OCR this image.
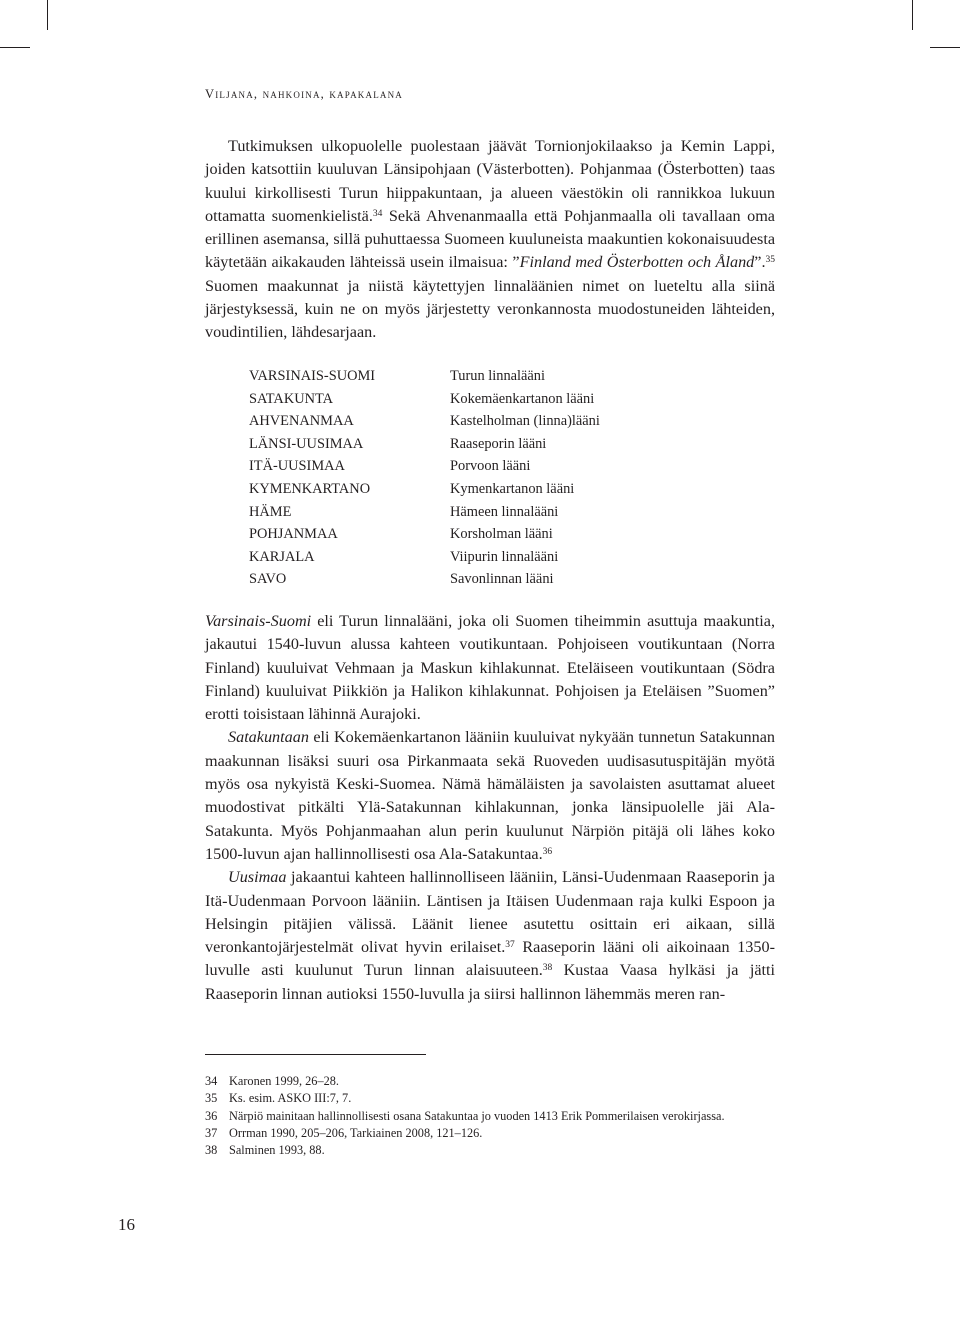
Viljana, nahkoina, kapakalana

Tutkimuksen ulkopuolelle puolestaan jäävät Tornionjokilaakso ja Kemin Lappi, joiden katsottiin kuuluvan Länsipohjaan (Västerbotten). Pohjanmaa (Österbotten) taas kuului kirkollisesti Turun hiippakuntaan, ja alueen väestökin oli rannikkoa lukuun ottamatta suomenkielistä.$^{34}$ Sekä Ahvenanmaalla että Pohjanmaalla oli tavallaan oma erillinen asemansa, sillä puhuttaessa Suomeen kuuluneista maakuntien kokonaisuudesta käytetään aikakauden lähteissä usein ilmaisua: ”Finland med Österbotten och Åland”.$^{35}$ Suomen maakunnat ja niistä käytettyjen linnaläänien nimet on lueteltu alla siinä järjestyksessä, kuin ne on myös järjestetty veronkannosta muodostuneiden lähteiden, voudintilien, lähdesarjaan.

VARSINAIS-SUOMI	Turun linnalääni
SATAKUNTA	Kokemäenkartanon lääni
AHVENANMAA	Kastelholman (linna)lääni
LÄNSI-UUSIMAA	Raaseporin lääni
ITÄ-UUSIMAA	Porvoon lääni
KYMENKARTANO	Kymenkartanon lääni
HÄME	Hämeen linnalääni
POHJANMAA	Korsholman lääni
KARJALA	Viipurin linnalääni
SAVO	Savonlinnan lääni

Varsinais-Suomi eli Turun linnalääni, joka oli Suomen tiheimmin asuttuja maakuntia, jakautui 1540-luvun alussa kahteen voutikuntaan. Pohjoiseen voutikuntaan (Norra Finland) kuuluivat Vehmaan ja Maskun kihlakunnat. Eteläiseen voutikuntaan (Södra Finland) kuuluivat Piikkiön ja Halikon kihlakunnat. Pohjoisen ja Eteläisen ”Suomen” erotti toisistaan lähinnä Aurajoki.

Satakuntaan eli Kokemäenkartanon lääniin kuuluivat nykyään tunnetun Satakunnan maakunnan lisäksi suuri osa Pirkanmaata sekä Ruoveden uudisasutuspitäjän myötä myös osa nykyistä Keski-Suomea. Nämä hämäläisten ja savolaisten asuttamat alueet muodostivat pitkälti Ylä-Satakunnan kihlakunnan, jonka länsipuolelle jäi Ala-Satakunta. Myös Pohjanmaahan alun perin kuulunut Närpiön pitäjä oli lähes koko 1500-luvun ajan hallinnollisesti osa Ala-Satakuntaa.$^{36}$

Uusimaa jakaantui kahteen hallinnolliseen lääniin, Länsi-Uudenmaan Raaseporin ja Itä-Uudenmaan Porvoon lääniin. Läntisen ja Itäisen Uudenmaan raja kulki Espoon ja Helsingin pitäjien välissä. Läänit lienee asutettu osittain eri aikaan, sillä veronkantojärjestelmät olivat hyvin erilaiset.$^{37}$ Raaseporin lääni oli aikoinaan 1350-luvulle asti kuulunut Turun linnan alaisuuteen.$^{38}$ Kustaa Vaasa hylkäsi ja jätti Raaseporin linnan autioksi 1550-luvulla ja siirsi hallinnon lähemmäs meren ran-

34 Karonen 1999, 26–28.
35 Ks. esim. ASKO III:7, 7.
36 Närpiö mainitaan hallinnollisesti osana Satakuntaa jo vuoden 1413 Erik Pommerilaisen verokirjassa.
37 Orrman 1990, 205–206, Tarkiainen 2008, 121–126.
38 Salminen 1993, 88.
16
